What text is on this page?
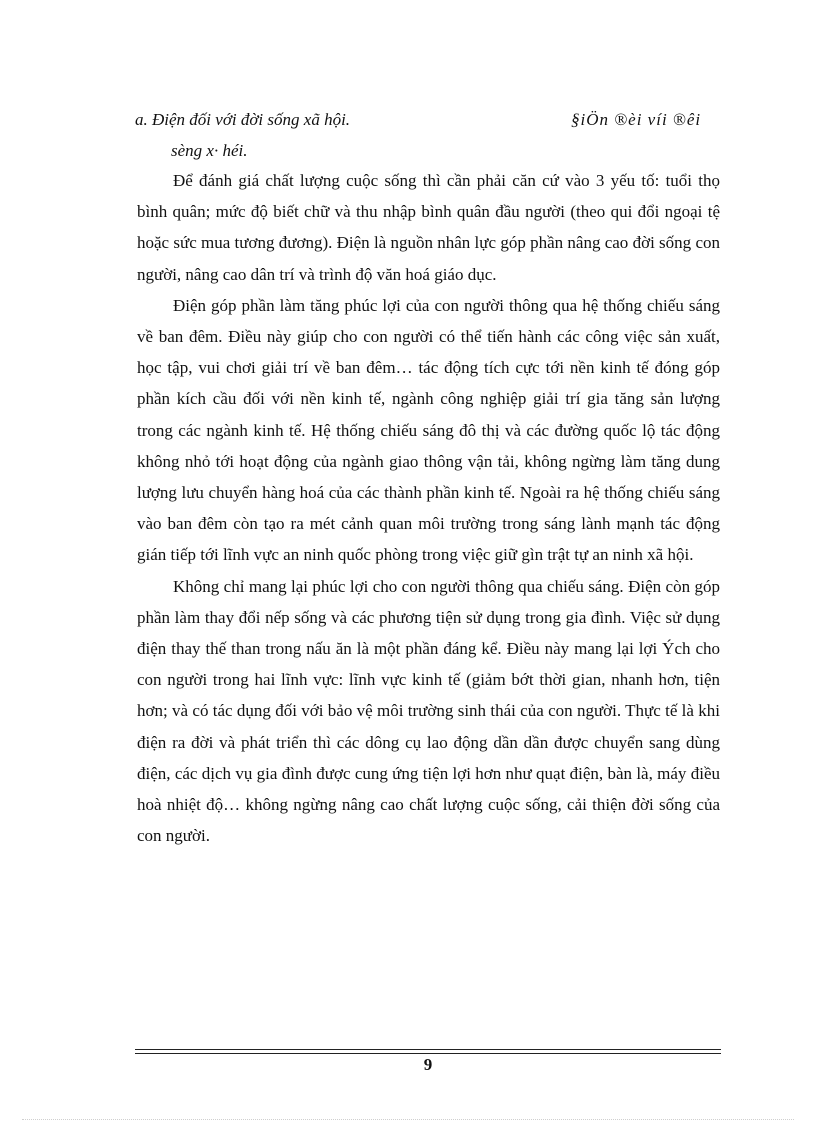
a. Điện đối với đời sống xã hội.	§iÖn ®èi víi ®êi
sèng x· héi.

Để đánh giá chất lượng cuộc sống thì cần phải căn cứ vào 3 yếu tố: tuổi thọ bình quân; mức độ biết chữ và thu nhập bình quân đầu người (theo qui đổi ngoại tệ hoặc sức mua tương đương). Điện là nguồn nhân lực góp phần nâng cao đời sống con người, nâng cao dân trí và trình độ văn hoá giáo dục.

Điện góp phần làm tăng phúc lợi của con người thông qua hệ thống chiếu sáng về ban đêm. Điều này giúp cho con người có thể tiến hành các công việc sản xuất, học tập, vui chơi giải trí về ban đêm… tác động tích cực tới nền kinh tế đóng góp phần kích cầu đối với nền kinh tế, ngành công nghiệp giải trí gia tăng sản lượng trong các ngành kinh tế. Hệ thống chiếu sáng đô thị và các đường quốc lộ tác động không nhỏ tới hoạt động của ngành giao thông vận tải, không ngừng làm tăng dung lượng lưu chuyển hàng hoá của các thành phần kinh tế. Ngoài ra hệ thống chiếu sáng vào ban đêm còn tạo ra mét cảnh quan môi trường trong sáng lành mạnh tác động gián tiếp tới lĩnh vực an ninh quốc phòng trong việc giữ gìn trật tự an ninh xã hội.

Không chỉ mang lại phúc lợi cho con người thông qua chiếu sáng. Điện còn góp phần làm thay đổi nếp sống và các phương tiện sử dụng trong gia đình. Việc sử dụng điện thay thế than trong nấu ăn là một phần đáng kể. Điều này mang lại lợi Ých cho con người trong hai lĩnh vực: lĩnh vực kinh tế (giảm bớt thời gian, nhanh hơn, tiện hơn; và có tác dụng đối với bảo vệ môi trường sinh thái của con người. Thực tế là khi điện ra đời và phát triển thì các dông cụ lao động dần dần được chuyển sang dùng điện, các dịch vụ gia đình được cung ứng tiện lợi hơn như quạt điện, bàn là, máy điều hoà nhiệt độ… không ngừng nâng cao chất lượng cuộc sống, cải thiện đời sống của con người.

9
